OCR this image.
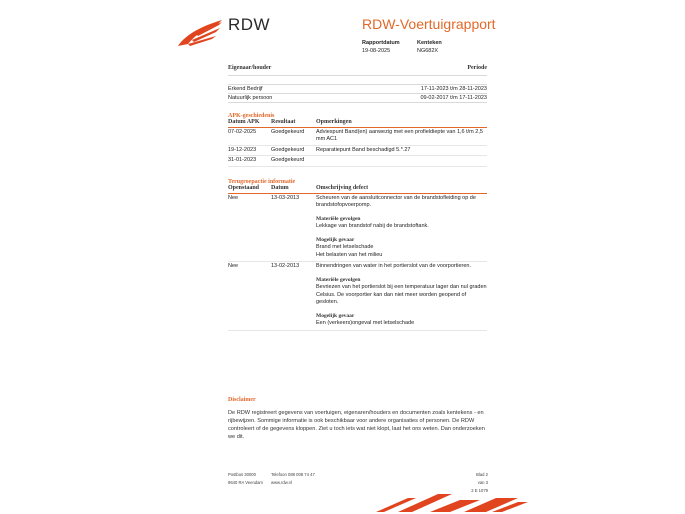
RDW	RDW-Voertuigrapport
Rapportdatum
19-08-2025
Kenteken
NG682X
Eigenaar/houder	Periode
Erkend Bedrijf	17-11-2023 t/m 28-11-2023
Natuurlijk persoon	09-02-2017 t/m 17-11-2023
APK-geschiedenis
Datum APK	Resultaat	Opmerkingen
07-02-2025	Goedgekeurd	Adviespunt Band(en) aanwezig met een profieldiepte van 1,6 t/m 2,5 mm AC1
19-12-2023	Goedgekeurd	Reparatiepunt Band beschadigd 5.*.27
31-01-2023	Goedgekeurd
Terugroepactie informatie
Openstaand	Datum	Omschrijving defect
Nee	13-03-2013	Scheuren van de aansluitconnector van de brandstofleiding op de brandstofopvoerpomp.
Materiële gevolgen
Lekkage van brandstof nabij de brandstoftank.
Mogelijk gevaar
Brand met letselschade
Het belasten van het milieu
Nee	13-02-2013	Binnendringen van water in het portierslot van de voorportieren.
Materiële gevolgen
Bevriezen van het portierslot bij een temperatuur lager dan nul graden Celsius. De voorportier kan dan niet meer worden geopend of gesloten.
Mogelijk gevaar
Een (verkeers)ongeval met letselschade
Disclaimer
De RDW registreert gegevens van voertuigen, eigenaren/houders en documenten zoals kentekens - en rijbewijzen. Sommige informatie is ook beschikbaar voor andere organisaties of personen. De RDW controleert of de gegevens kloppen. Ziet u toch iets wat niet klopt, laat het ons weten. Dan onderzoeken we dit.
Postbus 30000
9640 RA Veendam
Telefoon 088 008 74 47
www.rdw.nl
Blad 2 van 3
2 E 1079
